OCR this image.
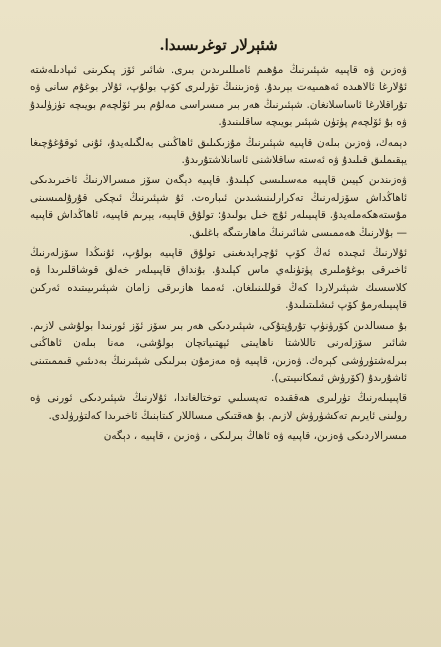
شئېرلار توغرىسىدا.

ۋەزىن ۋە قاپىيە شېئىرنىڭ مۇھىم ئامىللىرىدىن بىرى. شائىر ئۆز پىكرىنى ئىپادىلەشتە ئۇلارغا ئالاھىدە ئەھمىيەت بېرىدۇ. ۋەزىننىڭ تۈرلىرى كۆپ بولۇپ، ئۇلار بوغۇم سانى ۋە تۇراقلارغا ئاساسلانغان. شېئىرنىڭ ھەر بىر مىسراسى مەلۇم بىر ئۆلچەم بويىچە تۈزۈلىدۇ ۋە بۇ ئۆلچەم پۈتۈن شېئىر بويىچە ساقلىنىدۇ.

دېمەك، ۋەزىن بىلەن قاپىيە شېئىرنىڭ مۇزىكىلىق ئاھاڭىنى بەلگىلەيدۇ، ئۇنى ئوقۇغۇچىغا يېقىملىق قىلىدۇ ۋە ئەستە ساقلاشنى ئاسانلاشتۇرىدۇ.

ۋەزىندىن كېيىن قاپىيە مەسىلىسى كېلىدۇ. قاپىيە دېگەن سۆز مىسرالارنىڭ ئاخىرىدىكى ئاھاڭداش سۆزلەرنىڭ تەكرارلىنىشىدىن ئىبارەت. ئۇ شېئىرنىڭ ئىچكى قۇرۇلمىسىنى مۇستەھكەملەيدۇ. قاپىيىلەر ئۇچ خىل بولىدۇ: تولۇق قاپىيە، يېرىم قاپىيە، ئاھاڭداش قاپىيە — بۇلارنىڭ ھەممىسى شائىرنىڭ ماھارىتىگە باغلىق.

ئۇلارنىڭ ئىچىدە ئەڭ كۆپ ئۇچرايدىغىنى تولۇق قاپىيە بولۇپ، ئۇنىڭدا سۆزلەرنىڭ ئاخىرقى بوغۇملىرى پۈتۈنلەي ماس كېلىدۇ. بۇنداق قاپىيىلەر خەلق قوشاقلىرىدا ۋە كلاسسىك شېئىرلاردا كەڭ قوللىنىلغان. ئەمما ھازىرقى زامان شېئىرىيىتىدە ئەركىن قاپىيىلەرمۇ كۆپ ئىشلىتىلىدۇ.

بۇ مىسالدىن كۆرۈنۈپ تۇرۇپتۇكى، شېئىردىكى ھەر بىر سۆز ئۆز ئورنىدا بولۇشى لازىم. شائىر سۆزلەرنى تاللاشتا ناھايىتى ئېھتىياتچان بولۇشى، مەنا بىلەن ئاھاڭنى بىرلەشتۈرۈشى كېرەك. ۋەزىن، قاپىيە ۋە مەزمۇن بىرلىكى شېئىرنىڭ بەدىئىي قىممىتىنى ئاشۇرىدۇ (كۆرۈش ئىمكانىيىتى).

قاپىيىلەرنىڭ تۈرلىرى ھەققىدە تەپسىلىي توختالغاندا، ئۇلارنىڭ شېئىردىكى ئورنى ۋە رولىنى ئايرىم تەكشۈرۈش لازىم. بۇ ھەقتىكى مىساللار كىتابنىڭ ئاخىرىدا كەلتۈرۈلدى.

مىسرالاردىكى ۋەزىن، قاپىيە ۋە ئاھاڭ بىرلىكى ، ۋەزىن ، قاپىيە ، دېگەن
